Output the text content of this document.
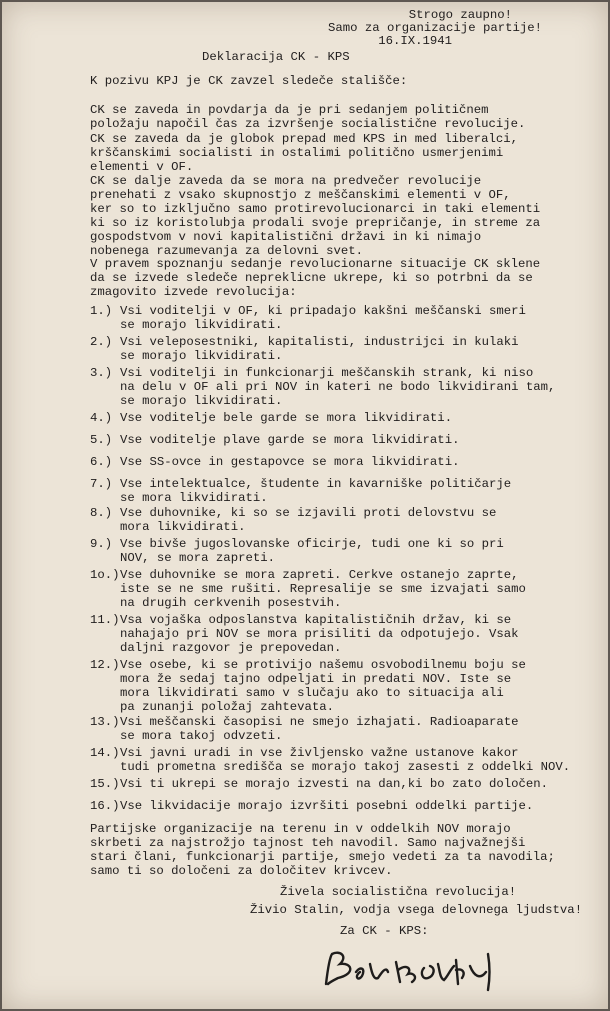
Strogo zaupno!
Samo za organizacije partije!
16.IX.1941
Deklaracija CK - KPS
K pozivu KPJ je CK zavzel sledeče stališče:
CK se zaveda in povdarja da je pri sedanjem političnem
položaju napočil čas za izvršenje socialistične revolucije.
CK se zaveda da je globok prepad med KPS in med liberalci,
krščanskimi socialisti in ostalimi politično usmerjenimi
elementi v OF.
CK se dalje zaveda da se mora na predvečer revolucije
prenehati z vsako skupnostjo z meščanskimi elementi v OF,
ker so to izključno samo protirevolucionarci in taki elementi
ki so iz koristolubja prodali svoje prepričanje, in streme za
gospodstvom v novi kapitalistični državi in ki nimajo
nobenega razumevanja za delovni svet.
V pravem spoznanju sedanje revolucionarne situacije CK sklene
da se izvede sledeče nepreklicne ukrepe, ki so potrbni da se
zmagovito izvede revolucija:
1.) Vsi voditelji v OF, ki pripadajo kakšni meščanski smeri
se morajo likvidirati.
2.) Vsi veleposestniki, kapitalisti, industrijci in kulaki
se morajo likvidirati.
3.) Vsi voditelji in funkcionarji meščanskih strank, ki niso
na delu v OF ali pri NOV in kateri ne bodo likvidirani tam,
se morajo likvidirati.
4.) Vse voditelje bele garde se mora likvidirati.
5.) Vse voditelje plave garde se mora likvidirati.
6.) Vse SS-ovce in gestapovce se mora likvidirati.
7.) Vse intelektualce, študente in kavarniške političarje
se mora likvidirati.
8.) Vse duhovnike, ki so se izjavili proti delovstvu se
mora likvidirati.
9.) Vse bivše jugoslovanske oficirje, tudi one ki so pri
NOV, se mora zapreti.
1o.) Vse duhovnike se mora zapreti. Cerkve ostanejo zaprte,
iste se ne sme rušiti. Represalije se sme izvajati samo
na drugih cerkvenih posestvih.
11.) Vsa vojaška odposlanstva kapitalističnih držav, ki se
nahajajo pri NOV se mora prisiliti da odpotujejo. Vsak
daljni razgovor je prepovedan.
12.) Vse osebe, ki se protivijo našemu osvobodilnemu boju se
mora že sedaj tajno odpeljati in predati NOV. Iste se
mora likvidirati samo v slučaju ako to situacija ali
pa zunanji položaj zahtevata.
13.) Vsi meščanski časopisi ne smejo izhajati. Radioaparate
se mora takoj odvzeti.
14.) Vsi javni uradi in vse življensko važne ustanove kakor
tudi prometna središča se morajo takoj zasesti z oddelki NOV.
15.) Vsi ti ukrepi se morajo izvesti na dan,ki bo zato določen.
16.) Vse likvidacije morajo izvršiti posebni oddelki partije.
Partijske organizacije na terenu in v oddelkih NOV morajo
skrbeti za najstrožjo tajnost teh navodil. Samo najvažnejši
stari člani, funkcionarji partije, smejo vedeti za ta navodila;
samo ti so določeni za določitev krivcev.
Živela socialistična revolucija!
Živio Stalin, vodja vsega delovnega ljudstva!
Za CK - KPS:
